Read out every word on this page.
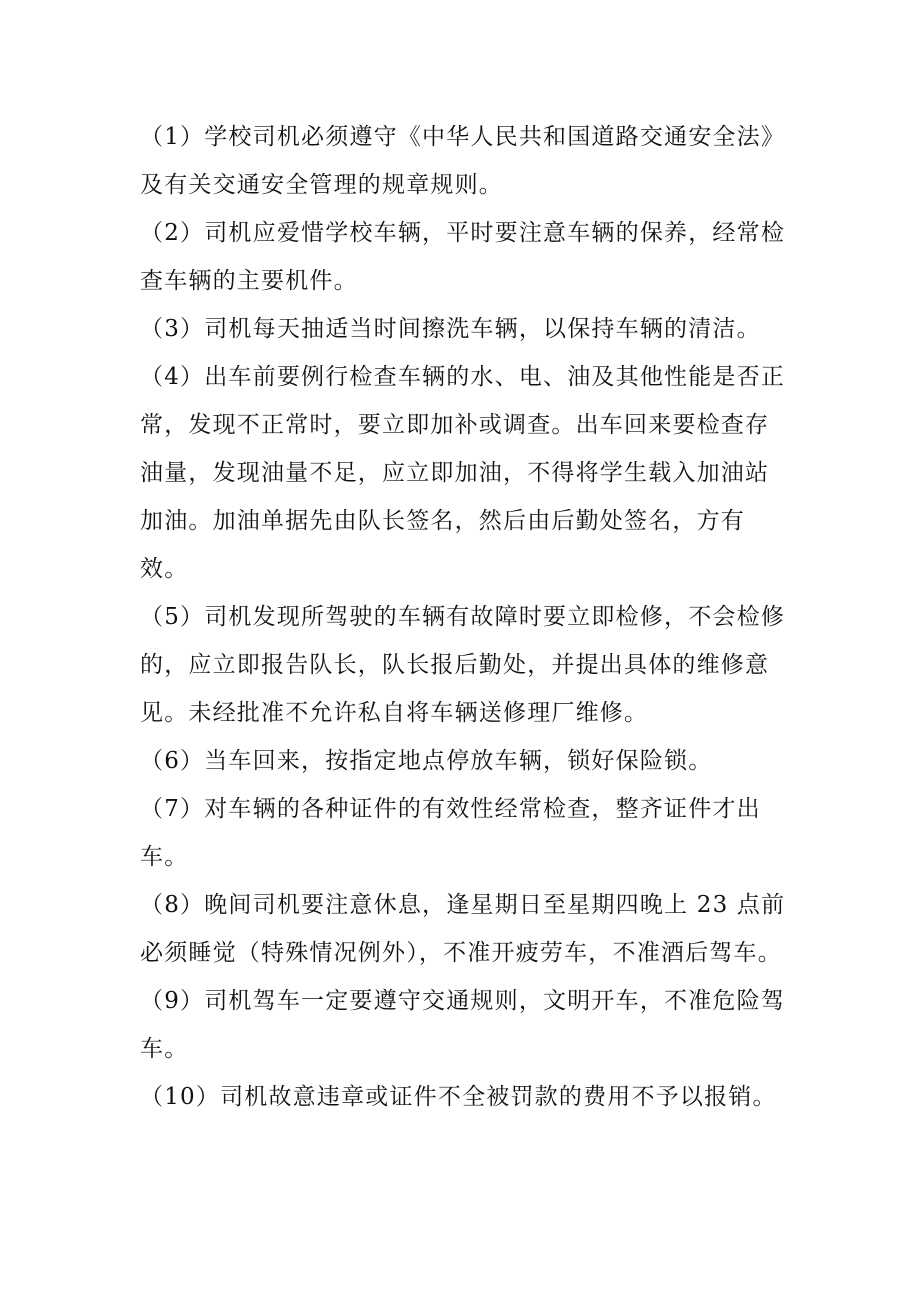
（1）学校司机必须遵守《中华人民共和国道路交通安全法》及有关交通安全管理的规章规则。

（2）司机应爱惜学校车辆，平时要注意车辆的保养，经常检查车辆的主要机件。

（3）司机每天抽适当时间擦洗车辆，以保持车辆的清洁。

（4）出车前要例行检查车辆的水、电、油及其他性能是否正常，发现不正常时，要立即加补或调查。出车回来要检查存油量，发现油量不足，应立即加油，不得将学生载入加油站加油。加油单据先由队长签名，然后由后勤处签名，方有效。

（5）司机发现所驾驶的车辆有故障时要立即检修，不会检修的，应立即报告队长，队长报后勤处，并提出具体的维修意见。未经批准不允许私自将车辆送修理厂维修。

（6）当车回来，按指定地点停放车辆，锁好保险锁。

（7）对车辆的各种证件的有效性经常检查，整齐证件才出车。

（8）晚间司机要注意休息，逢星期日至星期四晚上 23 点前必须睡觉（特殊情况例外），不准开疲劳车，不准酒后驾车。

（9）司机驾车一定要遵守交通规则，文明开车，不准危险驾车。

（10）司机故意违章或证件不全被罚款的费用不予以报销。
